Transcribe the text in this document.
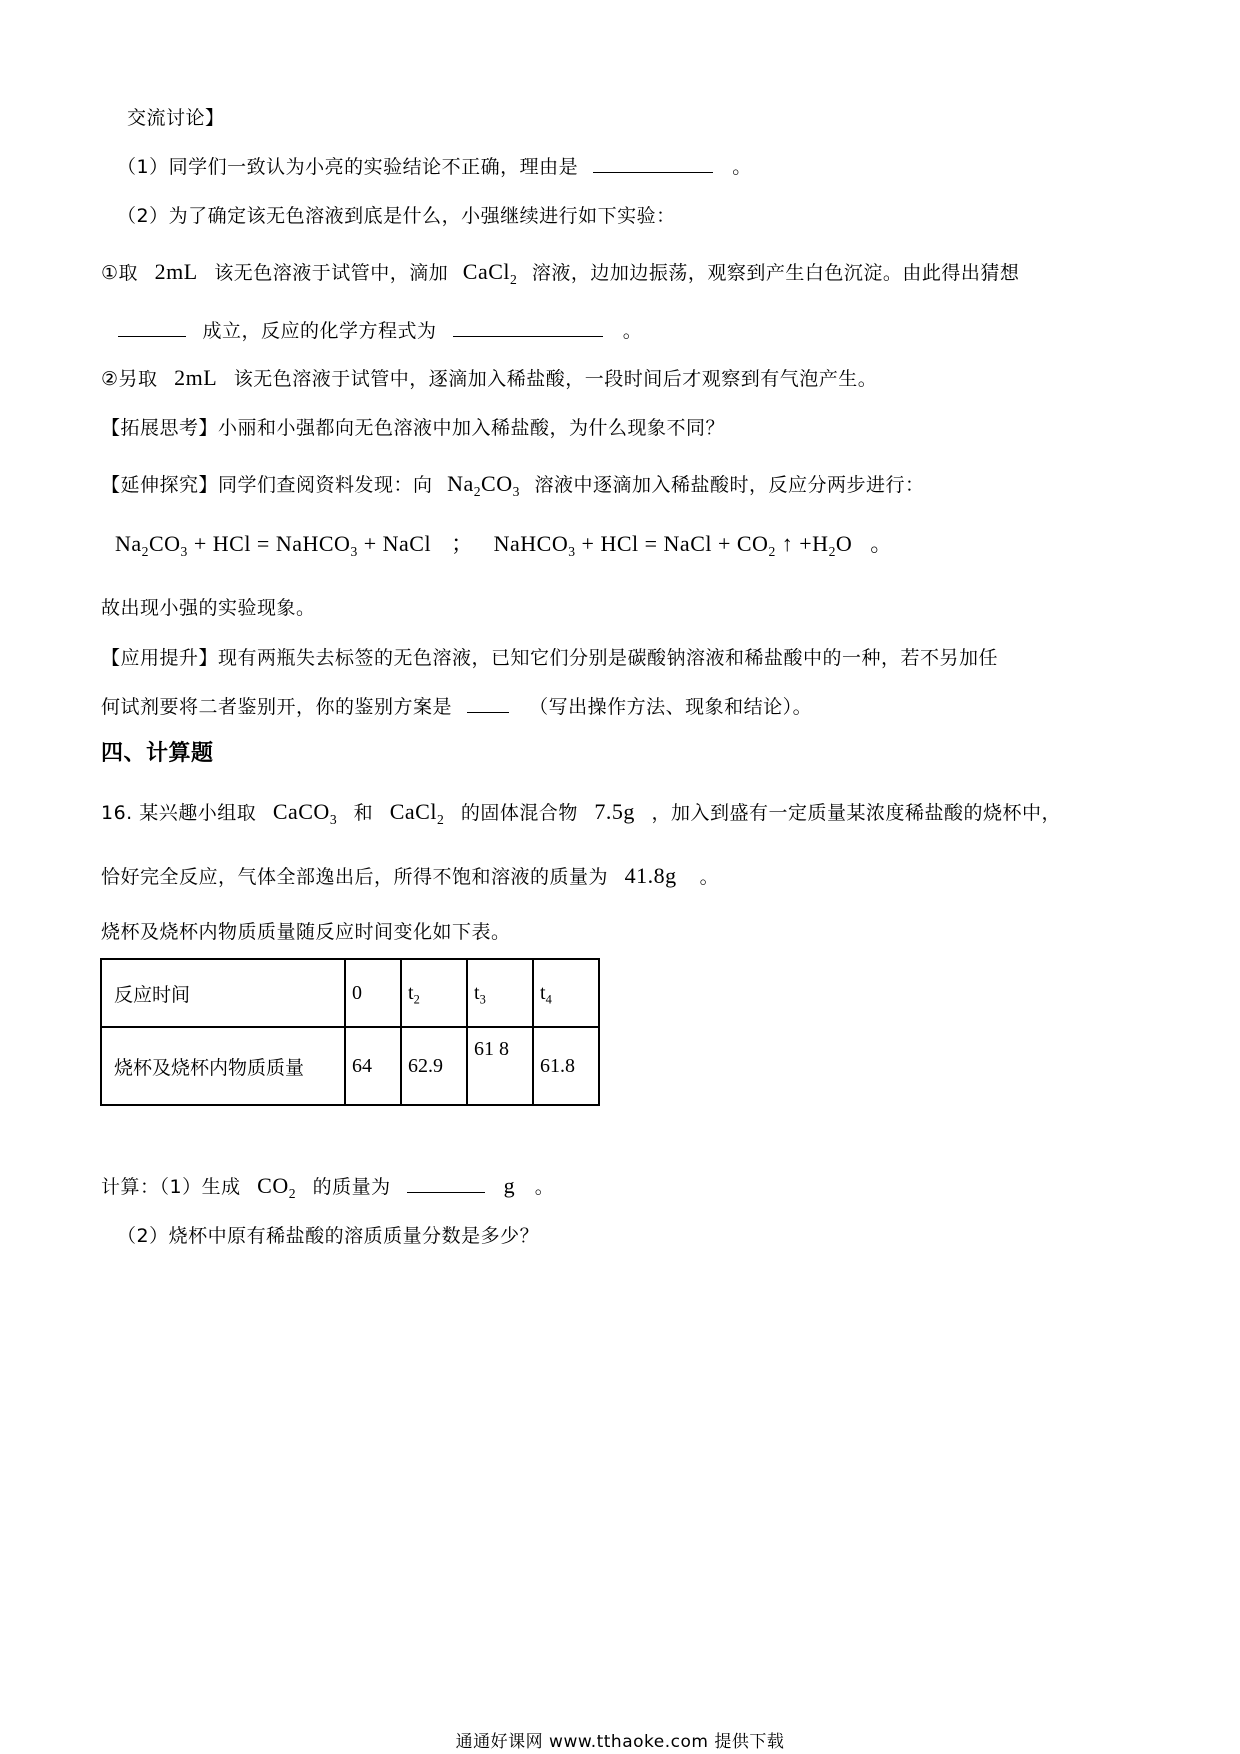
交流讨论】
（1）同学们一致认为小亮的实验结论不正确，理由是	。
（2）为了确定该无色溶液到底是什么，小强继续进行如下实验：
①取 2mL 该无色溶液于试管中，滴加 CaCl$_2$ 溶液，边加边振荡，观察到产生白色沉淀。由此得出猜想
成立，反应的化学方程式为	。
②另取 2mL 该无色溶液于试管中，逐滴加入稀盐酸，一段时间后才观察到有气泡产生。
【拓展思考】小丽和小强都向无色溶液中加入稀盐酸，为什么现象不同？
【延伸探究】同学们查阅资料发现：向 $Na_2CO_3$ 溶液中逐滴加入稀盐酸时，反应分两步进行：
$Na_2CO_3$ + HCl = NaHCO$_3$ + NaCl ； NaHCO$_3$ + HCl = NaCl + $CO_2$ ↑ $+H_2O$ 。
故出现小强的实验现象。
【应用提升】现有两瓶失去标签的无色溶液，已知它们分别是碳酸钠溶液和稀盐酸中的一种，若不另加任
何试剂要将二者鉴别开，你的鉴别方案是	（写出操作方法、现象和结论）。
四、计算题
16. 某兴趣小组取 CaCO$_3$ 和 CaCl$_2$ 的固体混合物 7.5g ，加入到盛有一定质量某浓度稀盐酸的烧杯中，
恰好完全反应，气体全部逸出后，所得不饱和溶液的质量为 41.8g  。
烧杯及烧杯内物质质量随反应时间变化如下表。
反应时间	0	$t_2$	$t_3$	$t_4$
烧杯及烧杯内物质质量	64	62.9	61 8	61.8
计算：（1）生成 $CO_2$ 的质量为	g   。
（2）烧杯中原有稀盐酸的溶质质量分数是多少？
通通好课网 www.tthaoke.com 提供下载
